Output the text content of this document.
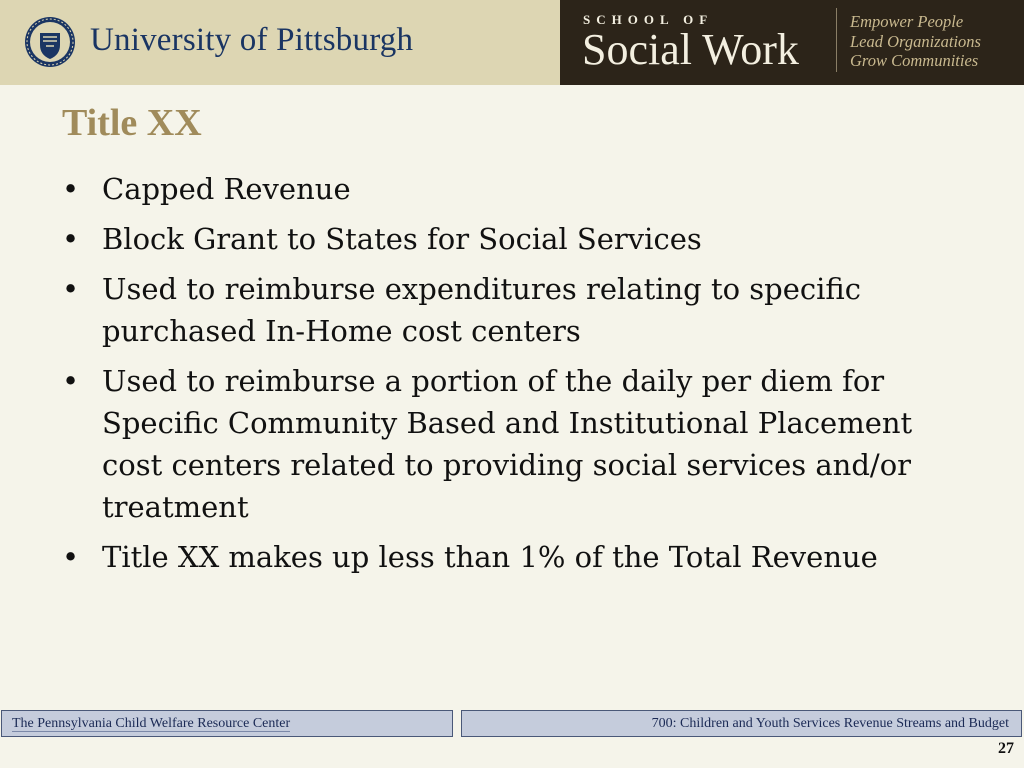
University of Pittsburgh
SCHOOL OF
Social Work
Empower People
Lead Organizations
Grow Communities
Title XX
• Capped Revenue
• Block Grant to States for Social Services
• Used to reimburse expenditures relating to specific purchased In-Home cost centers
• Used to reimburse a portion of the daily per diem for Specific Community Based and Institutional Placement cost centers related to providing social services and/or treatment
• Title XX makes up less than 1% of the Total Revenue
The Pennsylvania Child Welfare Resource Center	700: Children and Youth Services Revenue Streams and Budget
27
